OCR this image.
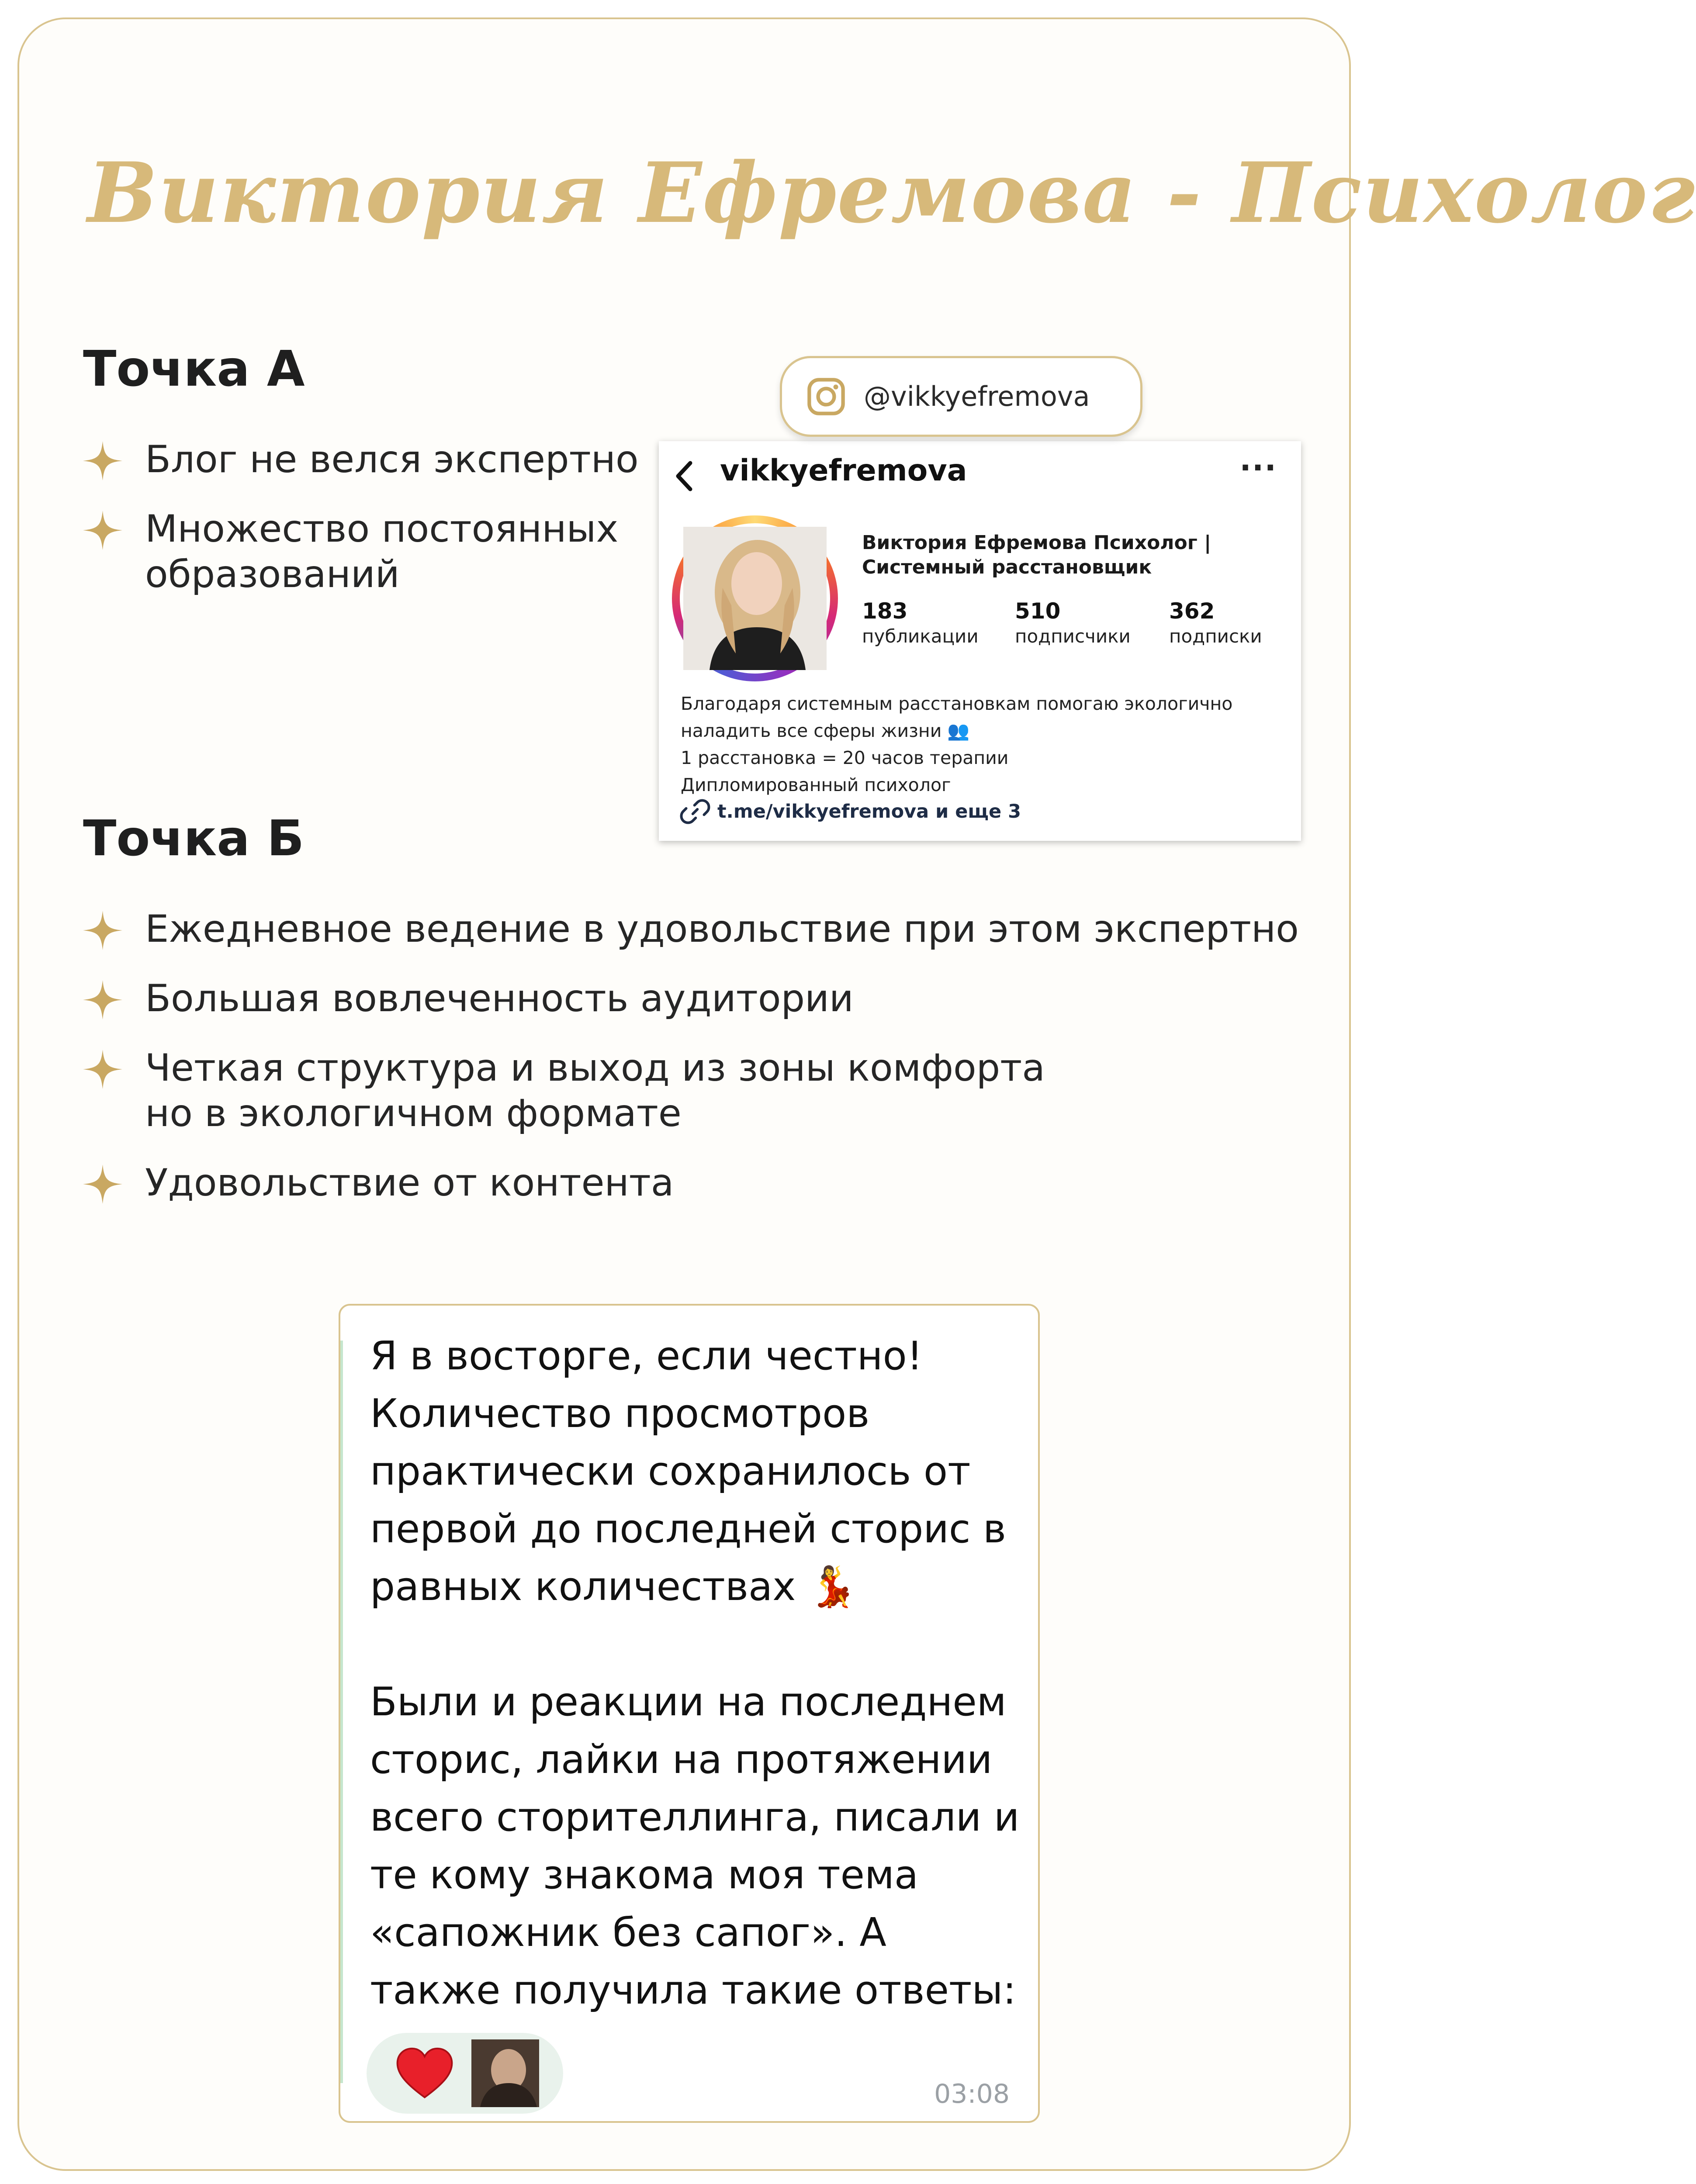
Виктория Ефремова - Психолог
Точка А
Блог не велся экспертно
Множество постоянных
образований
@vikkyefremova
vikkyefremova	···
Виктория Ефремова Психолог |
Системный расстановщик
183
публикации
510
подписчики
362
подписки
Благодаря системным расстановкам помогаю экологично
наладить все сферы жизни 👥
1 расстановка = 20 часов терапии
Дипломированный психолог
t.me/vikkyefremova и еще 3
Точка Б
Ежедневное ведение в удовольствие при этом экспертно
Большая вовлеченность аудитории
Четкая структура и выход из зоны комфорта
но в экологичном формате
Удовольствие от контента
Я в восторге, если честно!
Количество просмотров
практически сохранилось от
первой до последней сторис в
равных количествах 💃
Были и реакции на последнем
сторис, лайки на протяжении
всего сторителлинга, писали и
те кому знакома моя тема
«сапожник без сапог». А
также получила такие ответы:
03:08
